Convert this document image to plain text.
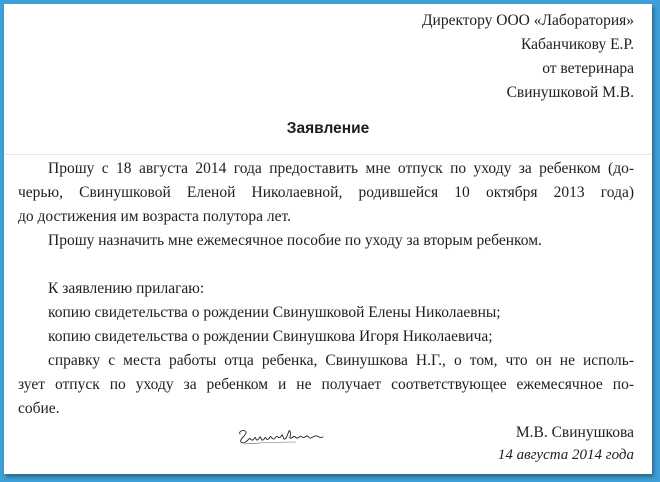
Директору ООО «Лаборатория»
Кабанчикову Е.Р.
от ветеринара
Свинушковой М.В.
Заявление

Прошу с 18 августа 2014 года предоставить мне отпуск по уходу за ребенком (до-

черью, Свинушковой Еленой Николаевной, родившейся 10 октября 2013 года)

до достижения им возраста полутора лет.

Прошу назначить мне ежемесячное пособие по уходу за вторым ребенком.

К заявлению прилагаю:

копию свидетельства о рождении Свинушковой Елены Николаевны;

копию свидетельства о рождении Свинушкова Игоря Николаевича;

справку с места работы отца ребенка, Свинушкова Н.Г., о том, что он не исполь-

зует отпуск по уходу за ребенком и не получает соответствующее ежемесячное по-

собие.

М.В. Свинушкова
14 августа 2014 года
